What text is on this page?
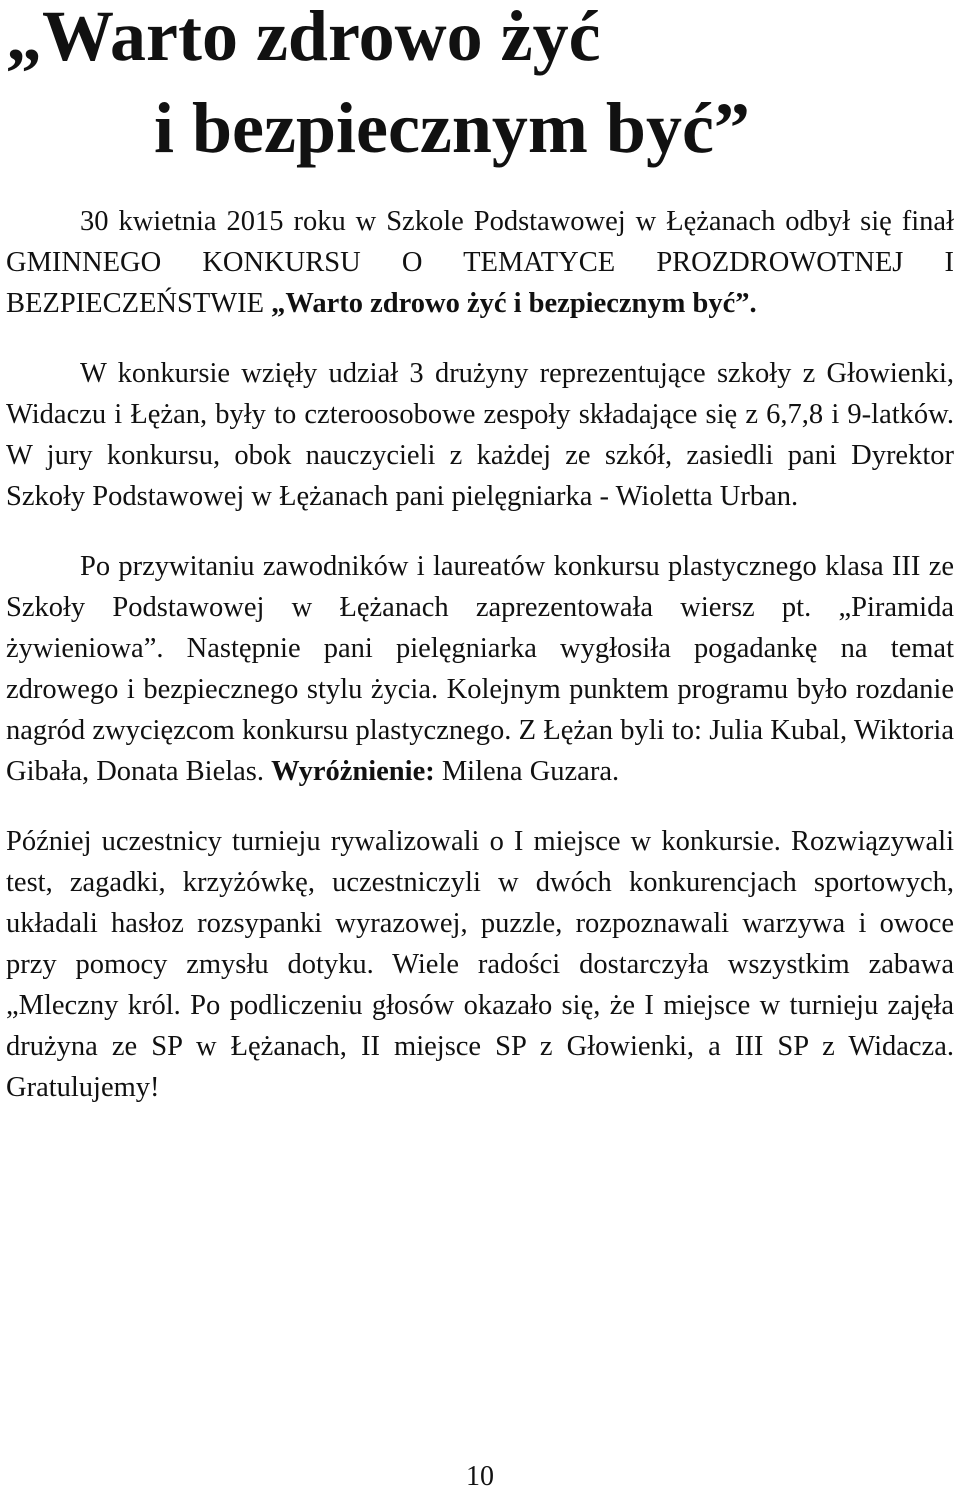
„Warto zdrowo żyć
i bezpiecznym być”

30 kwietnia 2015 roku w Szkole Podstawowej w Łężanach odbył się finał GMINNEGO KONKURSU O TEMATYCE PROZDROWOTNEJ I BEZPIECZEŃSTWIE „Warto zdrowo żyć i bezpiecznym być”.

W konkursie wzięły udział 3 drużyny reprezentujące szkoły z Głowienki, Widaczu i Łężan, były to czteroosobowe zespoły składające się z 6,7,8 i 9-latków. W jury konkursu, obok nauczycieli z każdej ze szkół, zasiedli pani Dyrektor Szkoły Podstawowej w Łężanach pani pielęgniarka - Wioletta Urban.

Po przywitaniu zawodników i laureatów konkursu plastycznego klasa III ze Szkoły Podstawowej w Łężanach zaprezentowała wiersz pt. „Piramida żywieniowa”. Następnie pani pielęgniarka wygłosiła pogadankę na temat zdrowego i bezpiecznego stylu życia. Kolejnym punktem programu było rozdanie nagród zwycięzcom konkursu plastycznego. Z Łężan byli to: Julia Kubal, Wiktoria Gibała, Donata Bielas. Wyróżnienie: Milena Guzara.

Później uczestnicy turnieju rywalizowali o I miejsce w konkursie. Rozwiązywali test, zagadki, krzyżówkę, uczestniczyli w dwóch konkurencjach sportowych, układali hasłoz rozsypanki wyrazowej, puzzle, rozpoznawali warzywa i owoce przy pomocy zmysłu dotyku. Wiele radości dostarczyła wszystkim zabawa „Mleczny król. Po podliczeniu głosów okazało się, że I miejsce w turnieju zajęła drużyna ze SP w Łężanach, II miejsce SP z Głowienki, a III SP z Widacza. Gratulujemy!

10
